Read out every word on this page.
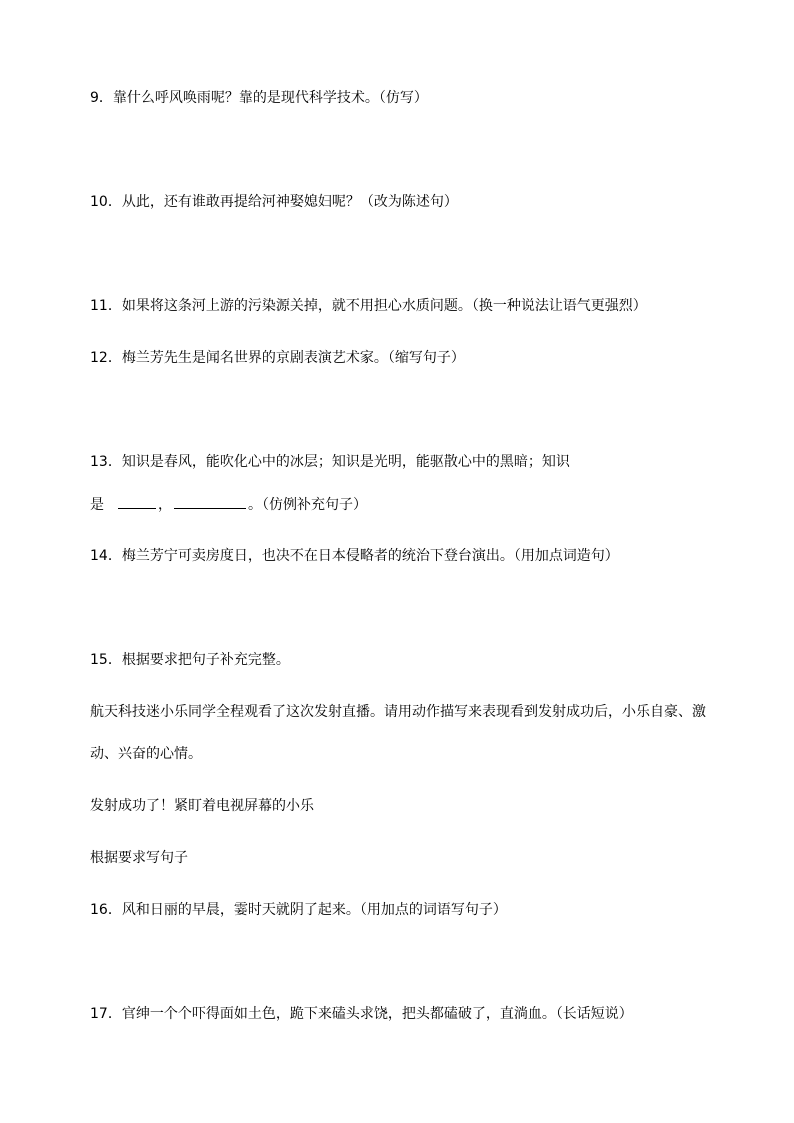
9．靠什么呼风唤雨呢？靠的是现代科学技术。（仿写）
10．从此，还有谁敢再提给河神娶媳妇呢？（改为陈述句）
11．如果将这条河上游的污染源关掉，就不用担心水质问题。（换一种说法让语气更强烈）
12．梅兰芳先生是闻名世界的京剧表演艺术家。（缩写句子）
13．知识是春风，能吹化心中的冰层；知识是光明，能驱散心中的黑暗；知识
是	，	。（仿例补充句子）
14．梅兰芳宁可卖房度日，也决不在日本侵略者的统治下登台演出。（用加点词造句）
15．根据要求把句子补充完整。
航天科技迷小乐同学全程观看了这次发射直播。请用动作描写来表现看到发射成功后，小乐自豪、激
动、兴奋的心情。
发射成功了！紧盯着电视屏幕的小乐
根据要求写句子
16．风和日丽的早晨，霎时天就阴了起来。（用加点的词语写句子）
17．官绅一个个吓得面如土色，跪下来磕头求饶，把头都磕破了，直淌血。（长话短说）
